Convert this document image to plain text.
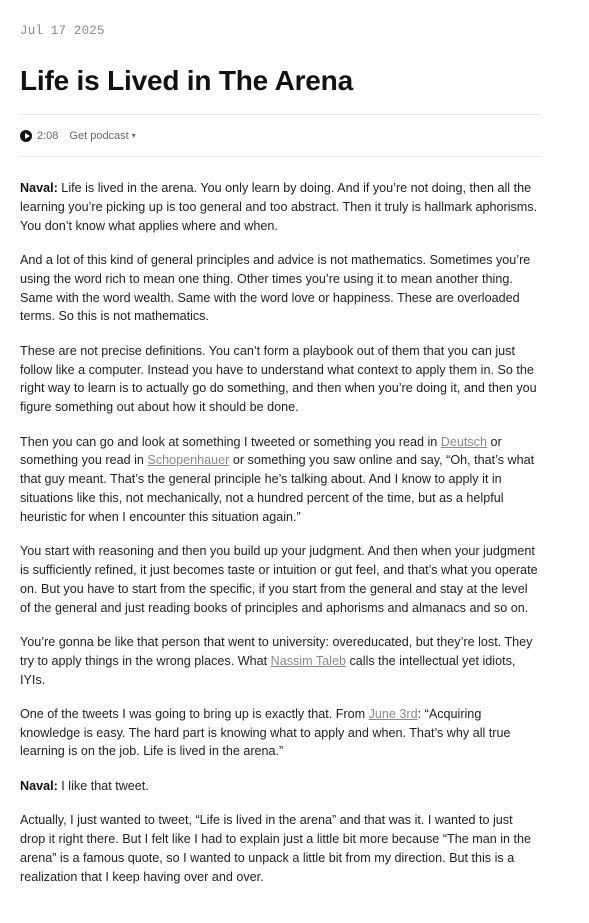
Jul 17 2025
Life is Lived in The Arena
2:08 Get podcast ▾

Naval: Life is lived in the arena. You only learn by doing. And if you’re not doing, then all the learning you’re picking up is too general and too abstract. Then it truly is hallmark aphorisms. You don’t know what applies where and when.

And a lot of this kind of general principles and advice is not mathematics. Sometimes you’re using the word rich to mean one thing. Other times you’re using it to mean another thing. Same with the word wealth. Same with the word love or happiness. These are overloaded terms. So this is not mathematics.

These are not precise definitions. You can’t form a playbook out of them that you can just follow like a computer. Instead you have to understand what context to apply them in. So the right way to learn is to actually go do something, and then when you’re doing it, and then you figure something out about how it should be done.

Then you can go and look at something I tweeted or something you read in Deutsch or something you read in Schopenhauer or something you saw online and say, “Oh, that’s what that guy meant. That’s the general principle he’s talking about. And I know to apply it in situations like this, not mechanically, not a hundred percent of the time, but as a helpful heuristic for when I encounter this situation again.”

You start with reasoning and then you build up your judgment. And then when your judgment is sufficiently refined, it just becomes taste or intuition or gut feel, and that’s what you operate on. But you have to start from the specific, if you start from the general and stay at the level of the general and just reading books of principles and aphorisms and almanacs and so on.

You’re gonna be like that person that went to university: overeducated, but they’re lost. They try to apply things in the wrong places. What Nassim Taleb calls the intellectual yet idiots, IYIs.

One of the tweets I was going to bring up is exactly that. From June 3rd: “Acquiring knowledge is easy. The hard part is knowing what to apply and when. That’s why all true learning is on the job. Life is lived in the arena.”

Naval: I like that tweet.

Actually, I just wanted to tweet, “Life is lived in the arena” and that was it. I wanted to just drop it right there. But I felt like I had to explain just a little bit more because “The man in the arena” is a famous quote, so I wanted to unpack a little bit from my direction. But this is a realization that I keep having over and over.
